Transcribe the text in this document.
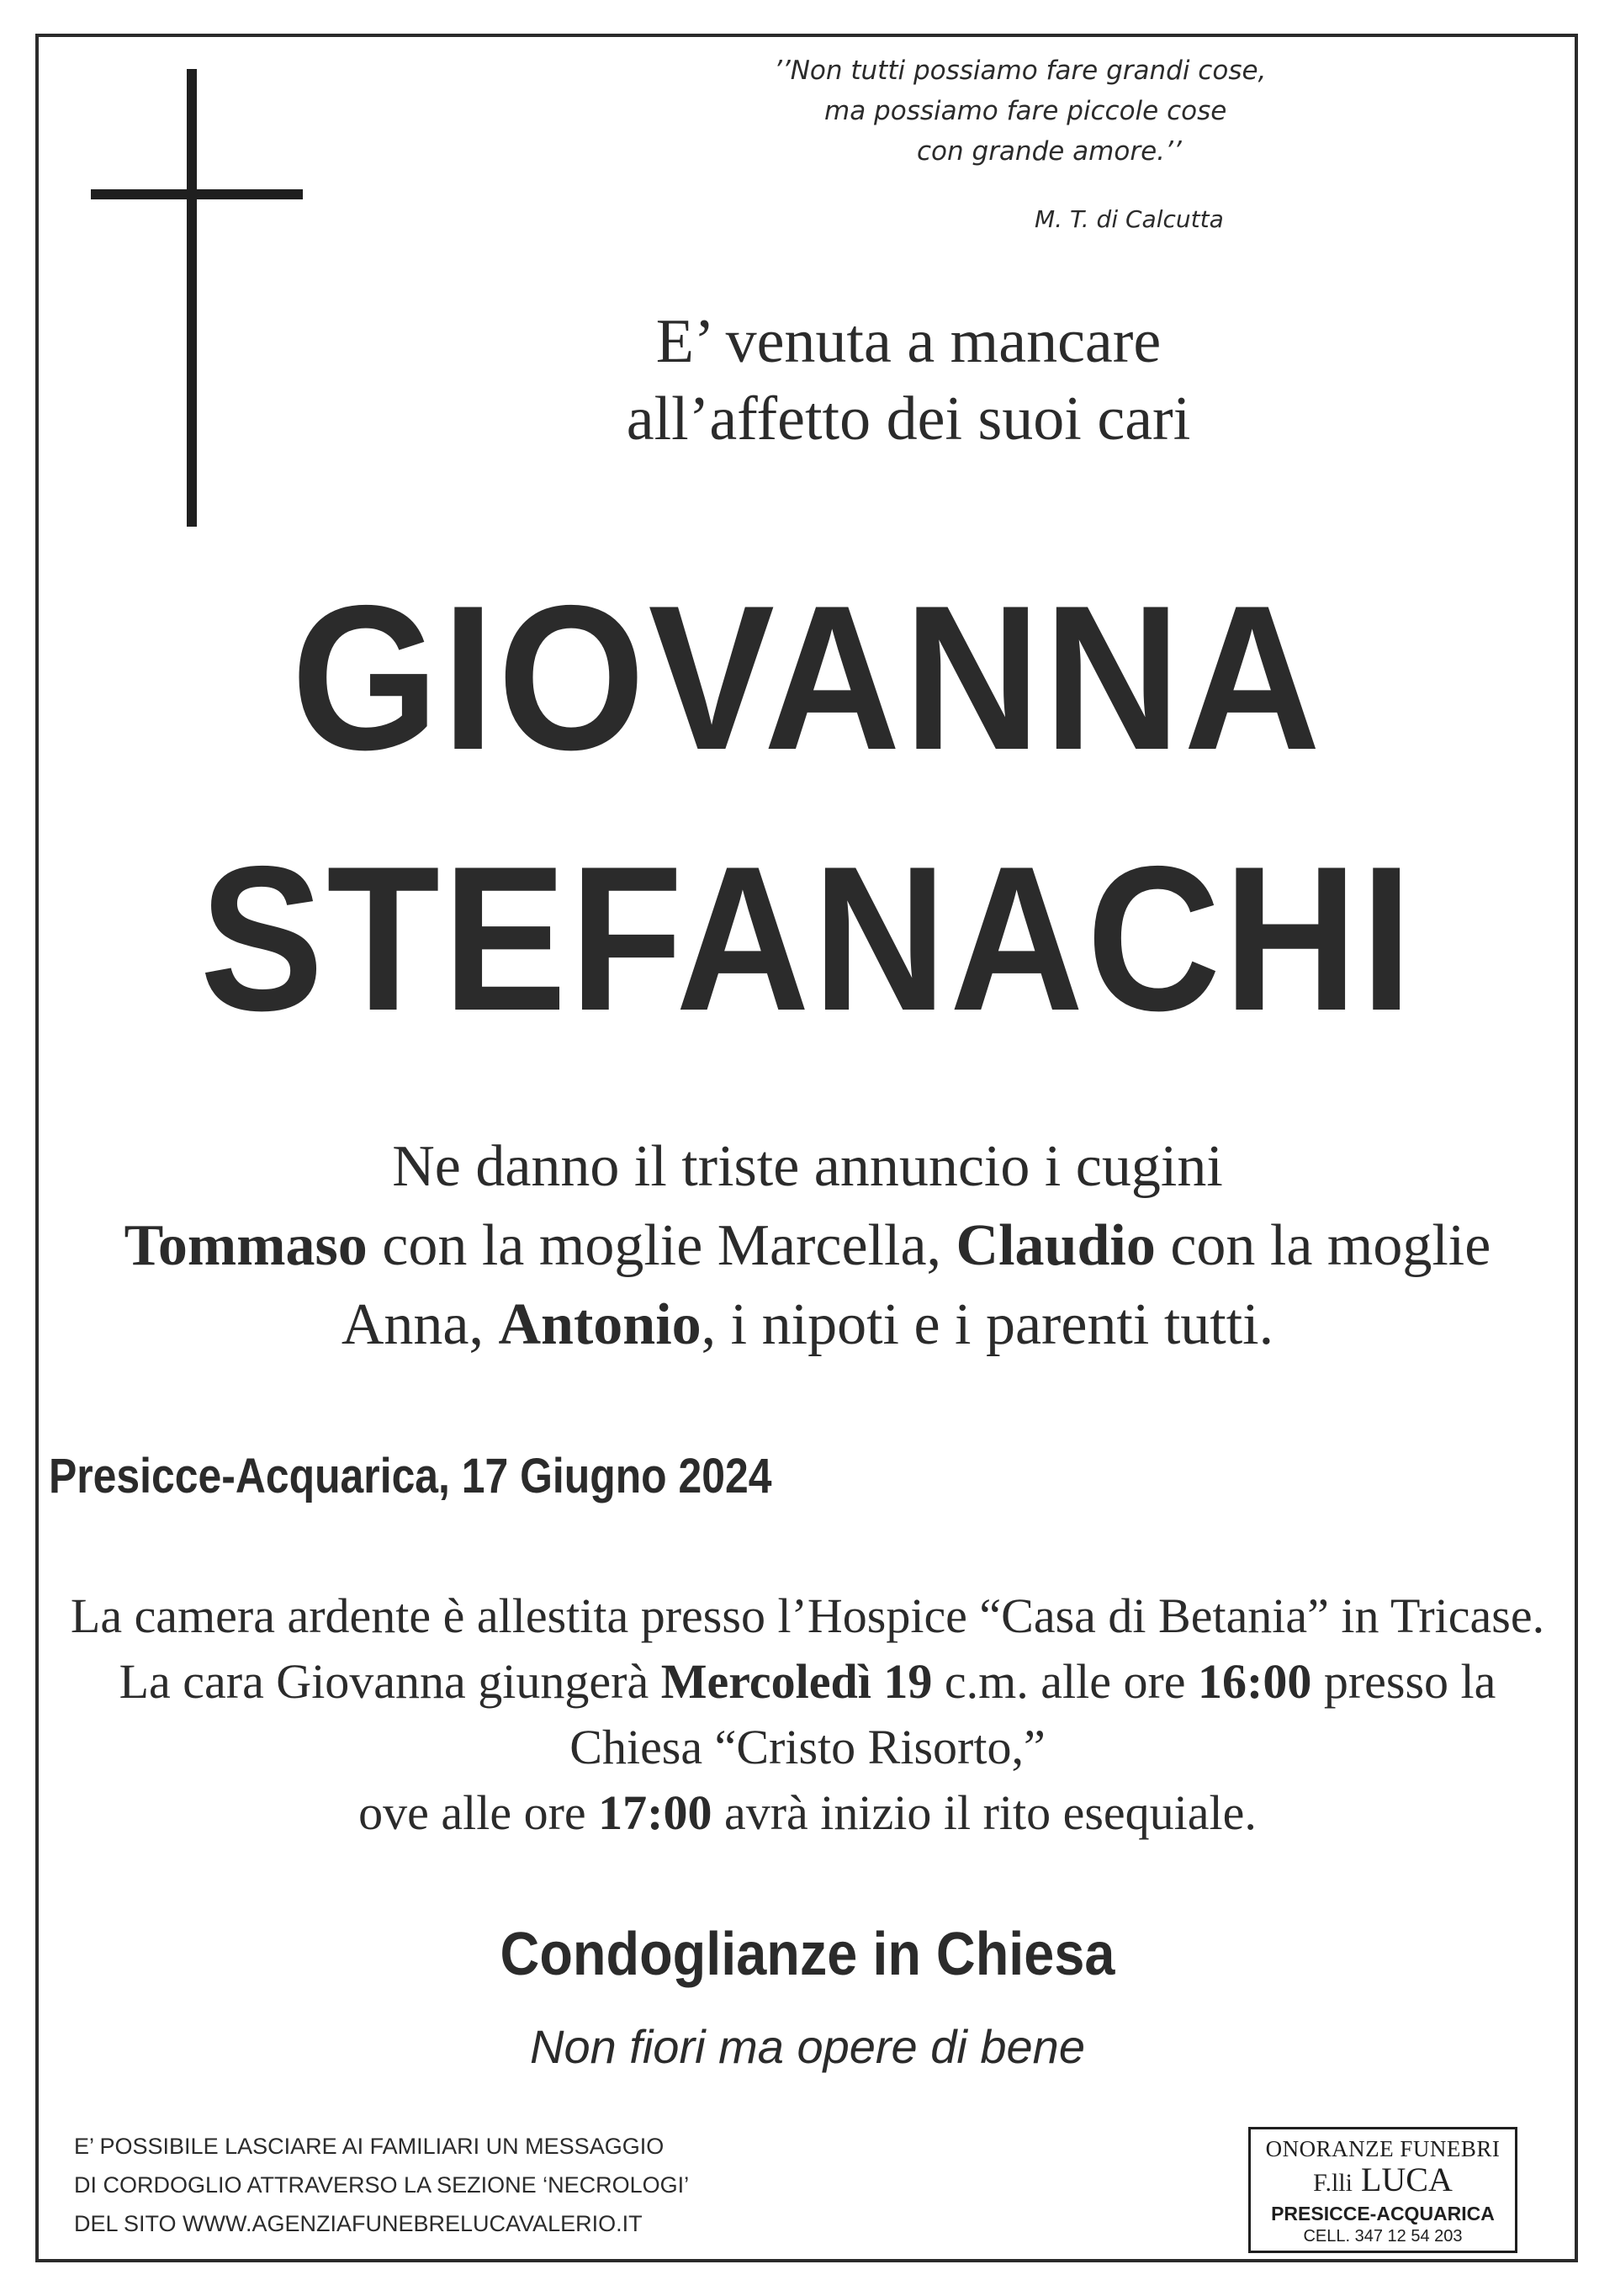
’’Non tutti possiamo fare grandi cose,
ma possiamo fare piccole cose
con grande amore.’’
M. T. di Calcutta
E’ venuta a mancare
all’affetto dei suoi cari
GIOVANNA
STEFANACHI
Ne danno il triste annuncio i cugini
Tommaso con la moglie Marcella, Claudio con la moglie
Anna, Antonio, i nipoti e i parenti tutti.
Presicce-Acquarica, 17 Giugno 2024
La camera ardente è allestita presso l’Hospice “Casa di Betania” in Tricase.
La cara Giovanna giungerà Mercoledì 19 c.m. alle ore 16:00 presso la
Chiesa “Cristo Risorto,”
ove alle ore 17:00 avrà inizio il rito esequiale.
Condoglianze in Chiesa
Non fiori ma opere di bene
E’ POSSIBILE LASCIARE AI FAMILIARI UN MESSAGGIO
DI CORDOGLIO ATTRAVERSO LA SEZIONE ‘NECROLOGI’
DEL SITO WWW.AGENZIAFUNEBRELUCAVALERIO.IT
ONORANZE FUNEBRI
F.lli LUCA
PRESICCE-ACQUARICA
CELL. 347 12 54 203
